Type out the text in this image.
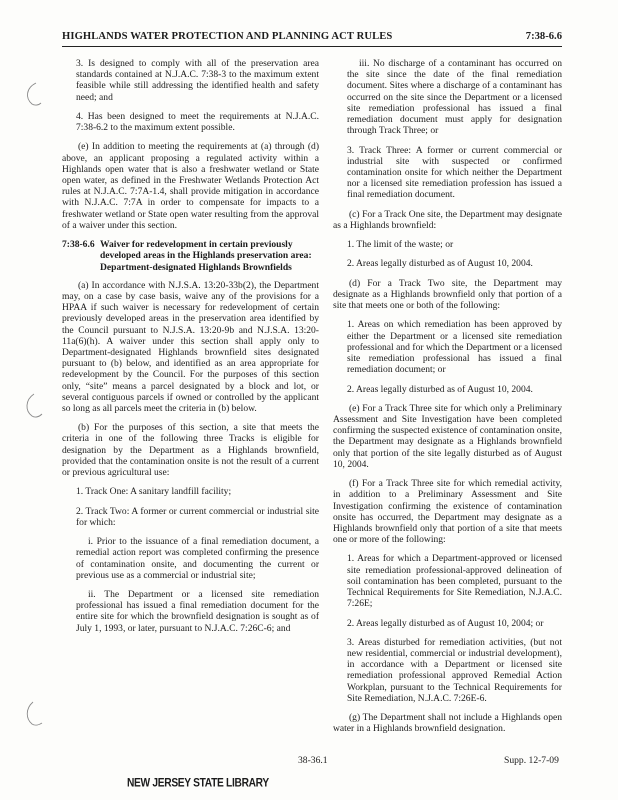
HIGHLANDS WATER PROTECTION AND PLANNING ACT RULES	7:38-6.6

3. Is designed to comply with all of the preservation area standards contained at N.J.A.C. 7:38-3 to the maximum extent feasible while still addressing the identified health and safety need; and

4. Has been designed to meet the requirements at N.J.A.C. 7:38-6.2 to the maximum extent possible.

(e) In addition to meeting the requirements at (a) through (d) above, an applicant proposing a regulated activity within a Highlands open water that is also a freshwater wetland or State open water, as defined in the Freshwater Wetlands Protection Act rules at N.J.A.C. 7:7A-1.4, shall provide mitigation in accordance with N.J.A.C. 7:7A in order to compensate for impacts to a freshwater wetland or State open water resulting from the approval of a waiver under this section.

7:38-6.6 Waiver for redevelopment in certain previously developed areas in the Highlands preservation area: Department-designated Highlands Brownfields

(a) In accordance with N.J.S.A. 13:20-33b(2), the Department may, on a case by case basis, waive any of the provisions for a HPAA if such waiver is necessary for redevelopment of certain previously developed areas in the preservation area identified by the Council pursuant to N.J.S.A. 13:20-9b and N.J.S.A. 13:20-11a(6)(h). A waiver under this section shall apply only to Department-designated Highlands brownfield sites designated pursuant to (b) below, and identified as an area appropriate for redevelopment by the Council. For the purposes of this section only, “site” means a parcel designated by a block and lot, or several contiguous parcels if owned or controlled by the applicant so long as all parcels meet the criteria in (b) below.

(b) For the purposes of this section, a site that meets the criteria in one of the following three Tracks is eligible for designation by the Department as a Highlands brownfield, provided that the contamination onsite is not the result of a current or previous agricultural use:

1. Track One: A sanitary landfill facility;

2. Track Two: A former or current commercial or industrial site for which:

i. Prior to the issuance of a final remediation document, a remedial action report was completed confirming the presence of contamination onsite, and documenting the current or previous use as a commercial or industrial site;

ii. The Department or a licensed site remediation professional has issued a final remediation document for the entire site for which the brownfield designation is sought as of July 1, 1993, or later, pursuant to N.J.A.C. 7:26C-6; and

iii. No discharge of a contaminant has occurred on the site since the date of the final remediation document. Sites where a discharge of a contaminant has occurred on the site since the Department or a licensed site remediation professional has issued a final remediation document must apply for designation through Track Three; or

3. Track Three: A former or current commercial or industrial site with suspected or confirmed contamination onsite for which neither the Department nor a licensed site remediation profession has issued a final remediation document.

(c) For a Track One site, the Department may designate as a Highlands brownfield:

1. The limit of the waste; or

2. Areas legally disturbed as of August 10, 2004.

(d) For a Track Two site, the Department may designate as a Highlands brownfield only that portion of a site that meets one or both of the following:

1. Areas on which remediation has been approved by either the Department or a licensed site remediation professional and for which the Department or a licensed site remediation professional has issued a final remediation document; or

2. Areas legally disturbed as of August 10, 2004.

(e) For a Track Three site for which only a Preliminary Assessment and Site Investigation have been completed confirming the suspected existence of contamination onsite, the Department may designate as a Highlands brownfield only that portion of the site legally disturbed as of August 10, 2004.

(f) For a Track Three site for which remedial activity, in addition to a Preliminary Assessment and Site Investigation confirming the existence of contamination onsite has occurred, the Department may designate as a Highlands brownfield only that portion of a site that meets one or more of the following:

1. Areas for which a Department-approved or licensed site remediation professional-approved delineation of soil contamination has been completed, pursuant to the Technical Requirements for Site Remediation, N.J.A.C. 7:26E;

2. Areas legally disturbed as of August 10, 2004; or

3. Areas disturbed for remediation activities, (but not new residential, commercial or industrial development), in accordance with a Department or licensed site remediation professional approved Remedial Action Workplan, pursuant to the Technical Requirements for Site Remediation, N.J.A.C. 7:26E-6.

(g) The Department shall not include a Highlands open water in a Highlands brownfield designation.

38-36.1	Supp. 12-7-09
NEW JERSEY STATE LIBRARY
